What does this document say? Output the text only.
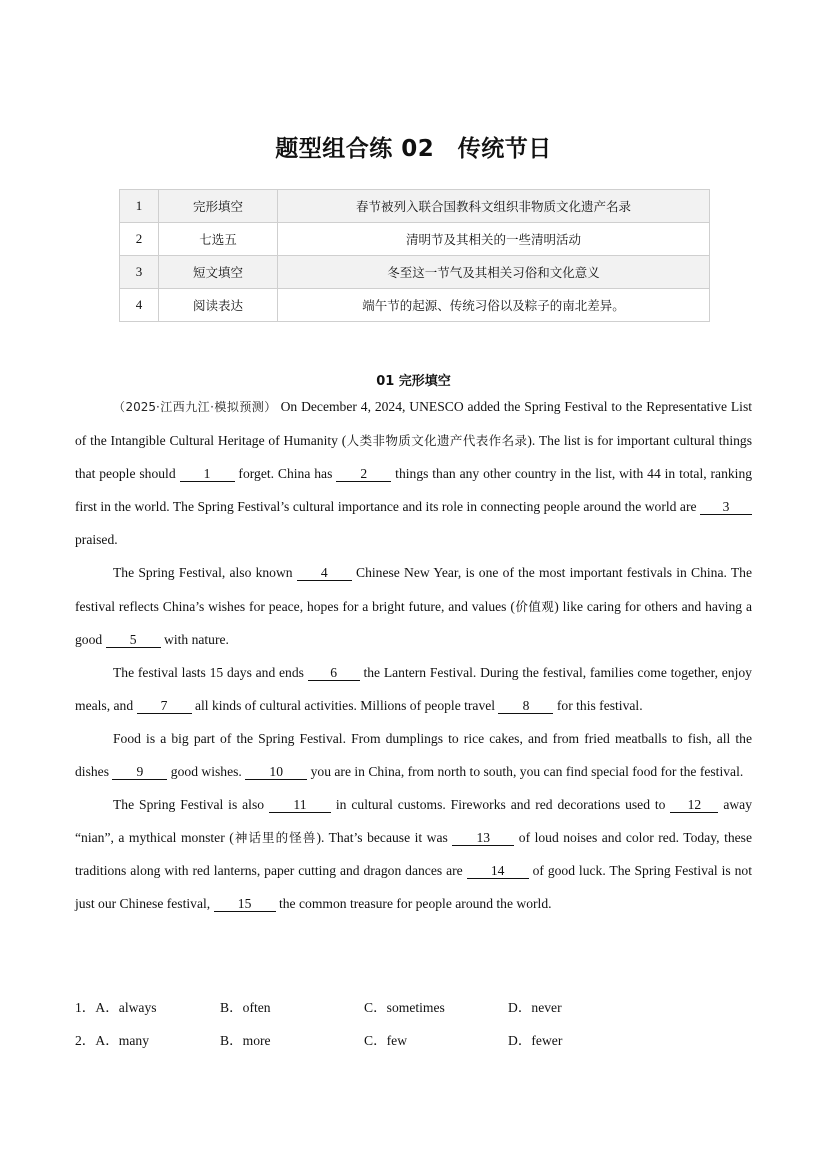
题型组合练 02　传统节日
1	完形填空	春节被列入联合国教科文组织非物质文化遗产名录
2	七选五	清明节及其相关的一些清明活动
3	短文填空	冬至这一节气及其相关习俗和文化意义
4	阅读表达	端午节的起源、传统习俗以及粽子的南北差异。
01 完形填空

（2025·江西九江·模拟预测） On December 4, 2024, UNESCO added the Spring Festival to the Representative List of the Intangible Cultural Heritage of Humanity (人类非物质文化遗产代表作名录). The list is for important cultural things that people should 1 forget. China has 2 things than any other country in the list, with 44 in total, ranking first in the world. The Spring Festival’s cultural importance and its role in connecting people around the world are 3 praised.

The Spring Festival, also known 4 Chinese New Year, is one of the most important festivals in China. The festival reflects China’s wishes for peace, hopes for a bright future, and values (价值观) like caring for others and having a good 5 with nature.

The festival lasts 15 days and ends 6 the Lantern Festival. During the festival, families come together, enjoy meals, and 7 all kinds of cultural activities. Millions of people travel 8 for this festival.

Food is a big part of the Spring Festival. From dumplings to rice cakes, and from fried meatballs to fish, all the dishes 9 good wishes. 10 you are in China, from north to south, you can find special food for the festival.

The Spring Festival is also 11 in cultural customs. Fireworks and red decorations used to 12 away “nian”, a mythical monster (神话里的怪兽). That’s because it was 13 of loud noises and color red. Today, these traditions along with red lanterns, paper cutting and dragon dances are 14 of good luck. The Spring Festival is not just our Chinese festival, 15 the common treasure for people around the world.

1．A．always	B．often	C．sometimes	D．never
2．A．many	B．more	C．few	D．fewer
